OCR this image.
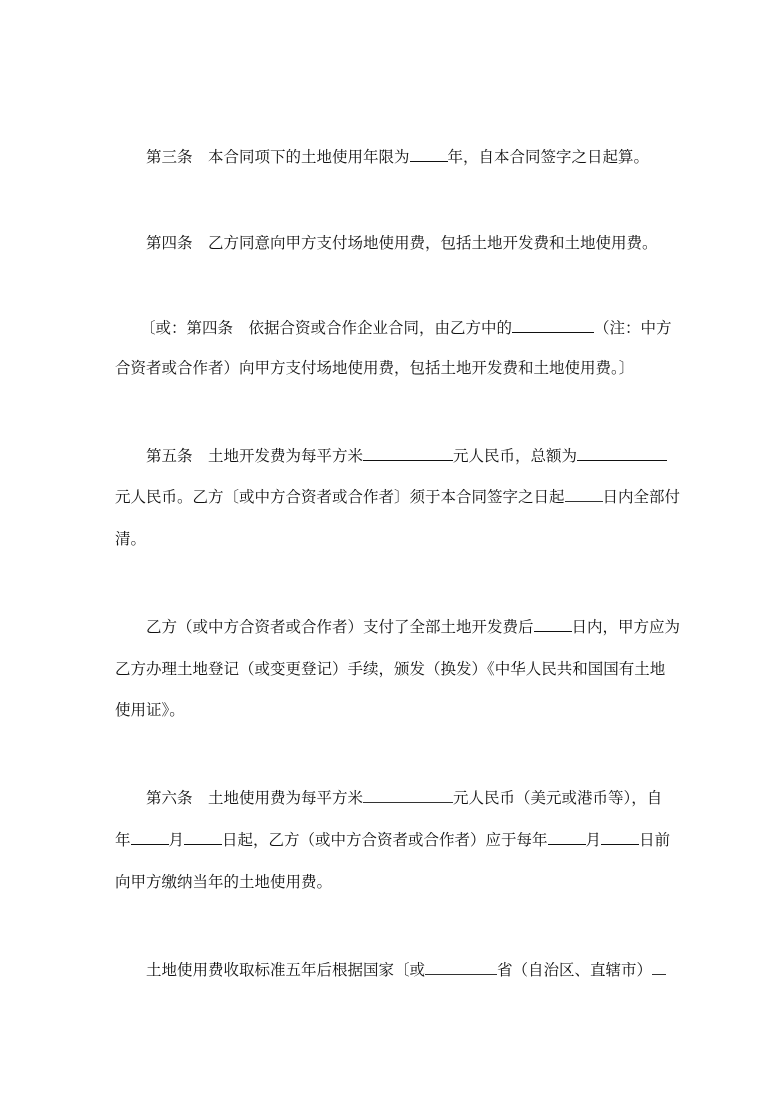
第三条　本合同项下的土地使用年限为 年，自本合同签字之日起算。
第四条　乙方同意向甲方支付场地使用费，包括土地开发费和土地使用费。
〔或：第四条　依据合资或合作企业合同，由乙方中的	（注：中方
合资者或合作者）向甲方支付场地使用费，包括土地开发费和土地使用费。〕
第五条　土地开发费为每平方米	元人民币，总额为
元人民币。乙方〔或中方合资者或合作者〕须于本合同签字之日起 日内全部付
清。
乙方（或中方合资者或合作者）支付了全部土地开发费后 日内，甲方应为
乙方办理土地登记（或变更登记）手续，颁发（换发）《中华人民共和国国有土地
使用证》。
第六条　土地使用费为每平方米	元人民币（美元或港币等），自
年 月 日起，乙方（或中方合资者或合作者）应于每年 月 日前
向甲方缴纳当年的土地使用费。
土地使用费收取标准五年后根据国家〔或	省（自治区、直辖市）
